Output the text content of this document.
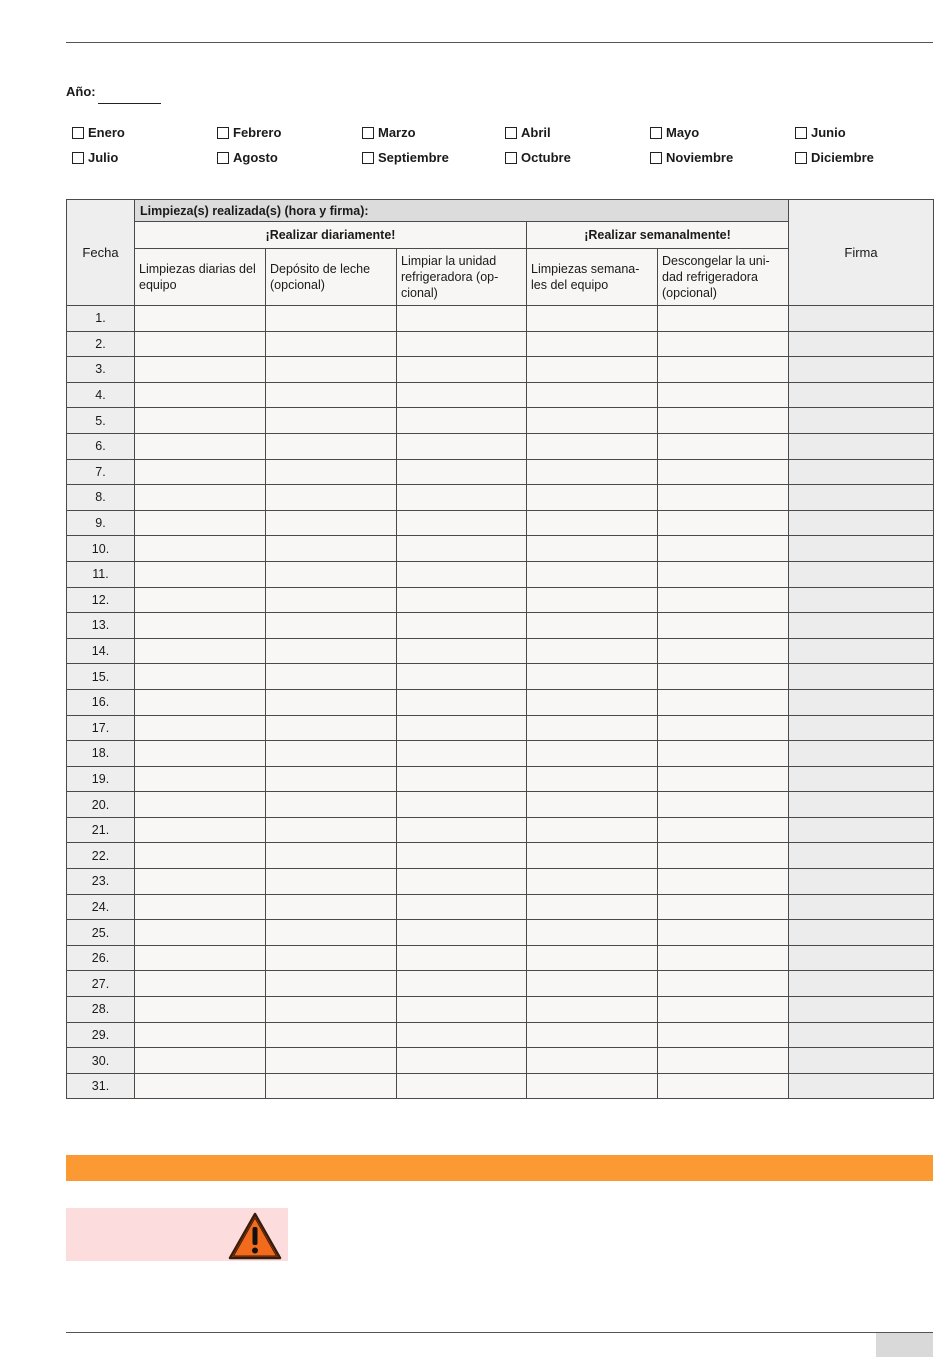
Año:
Enero	Febrero	Marzo	Abril	Mayo	Junio
Julio	Agosto	Septiembre	Octubre	Noviembre	Diciembre
Fecha	Limpieza(s) realizada(s) (hora y firma):					Firma
	¡Realizar diariamente!			¡Realizar semanalmente!		
	Limpiezas diarias del equipo	Depósito de leche (opcional)	Limpiar la unidad refrigeradora (op-cional)	Limpiezas semana-les del equipo	Descongelar la uni-dad refrigeradora (opcional)	
1.						
2.						
3.						
4.						
5.						
6.						
7.						
8.						
9.						
10.						
11.						
12.						
13.						
14.						
15.						
16.						
17.						
18.						
19.						
20.						
21.						
22.						
23.						
24.						
25.						
26.						
27.						
28.						
29.						
30.						
31.						
